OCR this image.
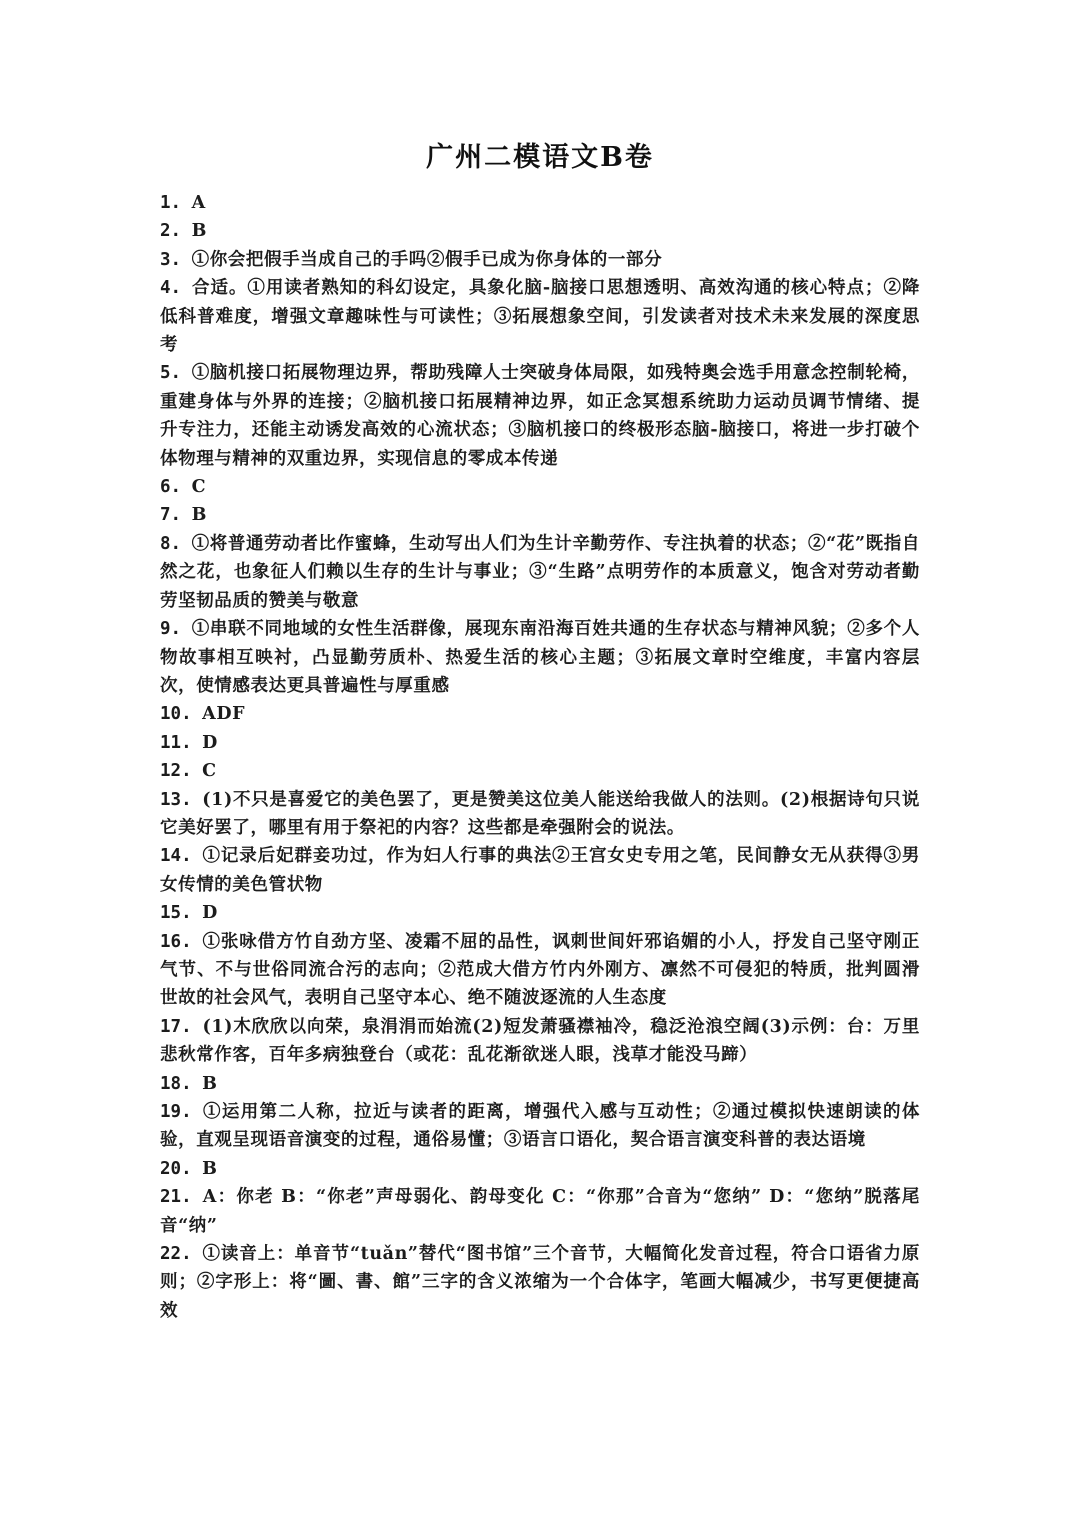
广州二模语文B卷

1. A

2. B

3. ①你会把假手当成自己的手吗②假手已成为你身体的一部分

4. 合适。①用读者熟知的科幻设定，具象化脑-脑接口思想透明、高效沟通的核心特点；②降低科普难度，增强文章趣味性与可读性；③拓展想象空间，引发读者对技术未来发展的深度思考

5. ①脑机接口拓展物理边界，帮助残障人士突破身体局限，如残特奥会选手用意念控制轮椅，重建身体与外界的连接；②脑机接口拓展精神边界，如正念冥想系统助力运动员调节情绪、提升专注力，还能主动诱发高效的心流状态；③脑机接口的终极形态脑-脑接口，将进一步打破个体物理与精神的双重边界，实现信息的零成本传递

6. C

7. B

8. ①将普通劳动者比作蜜蜂，生动写出人们为生计辛勤劳作、专注执着的状态；②“花”既指自然之花，也象征人们赖以生存的生计与事业；③“生路”点明劳作的本质意义，饱含对劳动者勤劳坚韧品质的赞美与敬意

9. ①串联不同地域的女性生活群像，展现东南沿海百姓共通的生存状态与精神风貌；②多个人物故事相互映衬，凸显勤劳质朴、热爱生活的核心主题；③拓展文章时空维度，丰富内容层次，使情感表达更具普遍性与厚重感

10. ADF

11. D

12. C

13. (1)不只是喜爱它的美色罢了，更是赞美这位美人能送给我做人的法则。(2)根据诗句只说它美好罢了，哪里有用于祭祀的内容？这些都是牵强附会的说法。

14. ①记录后妃群妾功过，作为妇人行事的典法②王宫女史专用之笔，民间静女无从获得③男女传情的美色管状物

15. D

16. ①张咏借方竹自劲方坚、凌霜不屈的品性，讽刺世间奸邪谄媚的小人，抒发自己坚守刚正气节、不与世俗同流合污的志向；②范成大借方竹内外刚方、凛然不可侵犯的特质，批判圆滑世故的社会风气，表明自己坚守本心、绝不随波逐流的人生态度

17. (1)木欣欣以向荣，泉涓涓而始流(2)短发萧骚襟袖冷，稳泛沧浪空阔(3)示例：台：万里悲秋常作客，百年多病独登台（或花：乱花渐欲迷人眼，浅草才能没马蹄）

18. B

19. ①运用第二人称，拉近与读者的距离，增强代入感与互动性；②通过模拟快速朗读的体验，直观呈现语音演变的过程，通俗易懂；③语言口语化，契合语言演变科普的表达语境

20. B

21. A：你老 B：“你老”声母弱化、韵母变化 C：“你那”合音为“您纳” D：“您纳”脱落尾音“纳”

22. ①读音上：单音节“tuǎn”替代“图书馆”三个音节，大幅简化发音过程，符合口语省力原则；②字形上：将“圖、書、館”三字的含义浓缩为一个合体字，笔画大幅减少，书写更便捷高效
